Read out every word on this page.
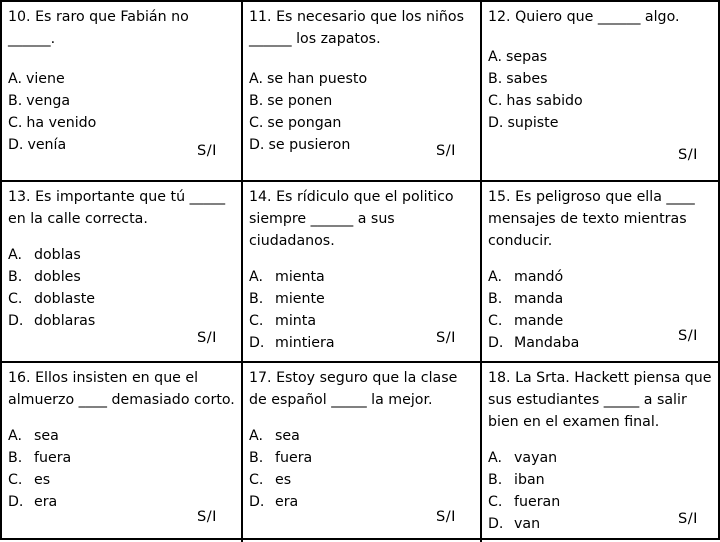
10. Es raro que Fabián no ______.
A. viene
B. venga
C. ha venido
D. venía	S/I
11. Es necesario que los niños ______ los zapatos.
A. se han puesto
B. se ponen
C. se pongan
D. se pusieron	S/I
12. Quiero que ______ algo.
A. sepas
B. sabes
C. has sabido
D. supiste
S/I
13. Es importante que tú _____ en la calle correcta.
A. doblas
B. dobles
C. doblaste
D. doblaras
S/I
14. Es rídiculo que el politico siempre ______ a sus ciudadanos.
A. mienta
B. miente
C. minta
D. mintiera	S/I
15. Es peligroso que ella ____ mensajes de texto mientras conducir.
A. mandó
B. manda
C. mande
D. Mandaba	S/I
16. Ellos insisten en que el almuerzo ____ demasiado corto.
A. sea
B. fuera
C. es
D. era
S/I
17. Estoy seguro que la clase de español _____ la mejor.
A. sea
B. fuera
C. es
D. era
S/I
18. La Srta. Hackett piensa que sus estudiantes _____ a salir bien en el examen final.
A. vayan
B. iban
C. fueran
D. van	S/I
